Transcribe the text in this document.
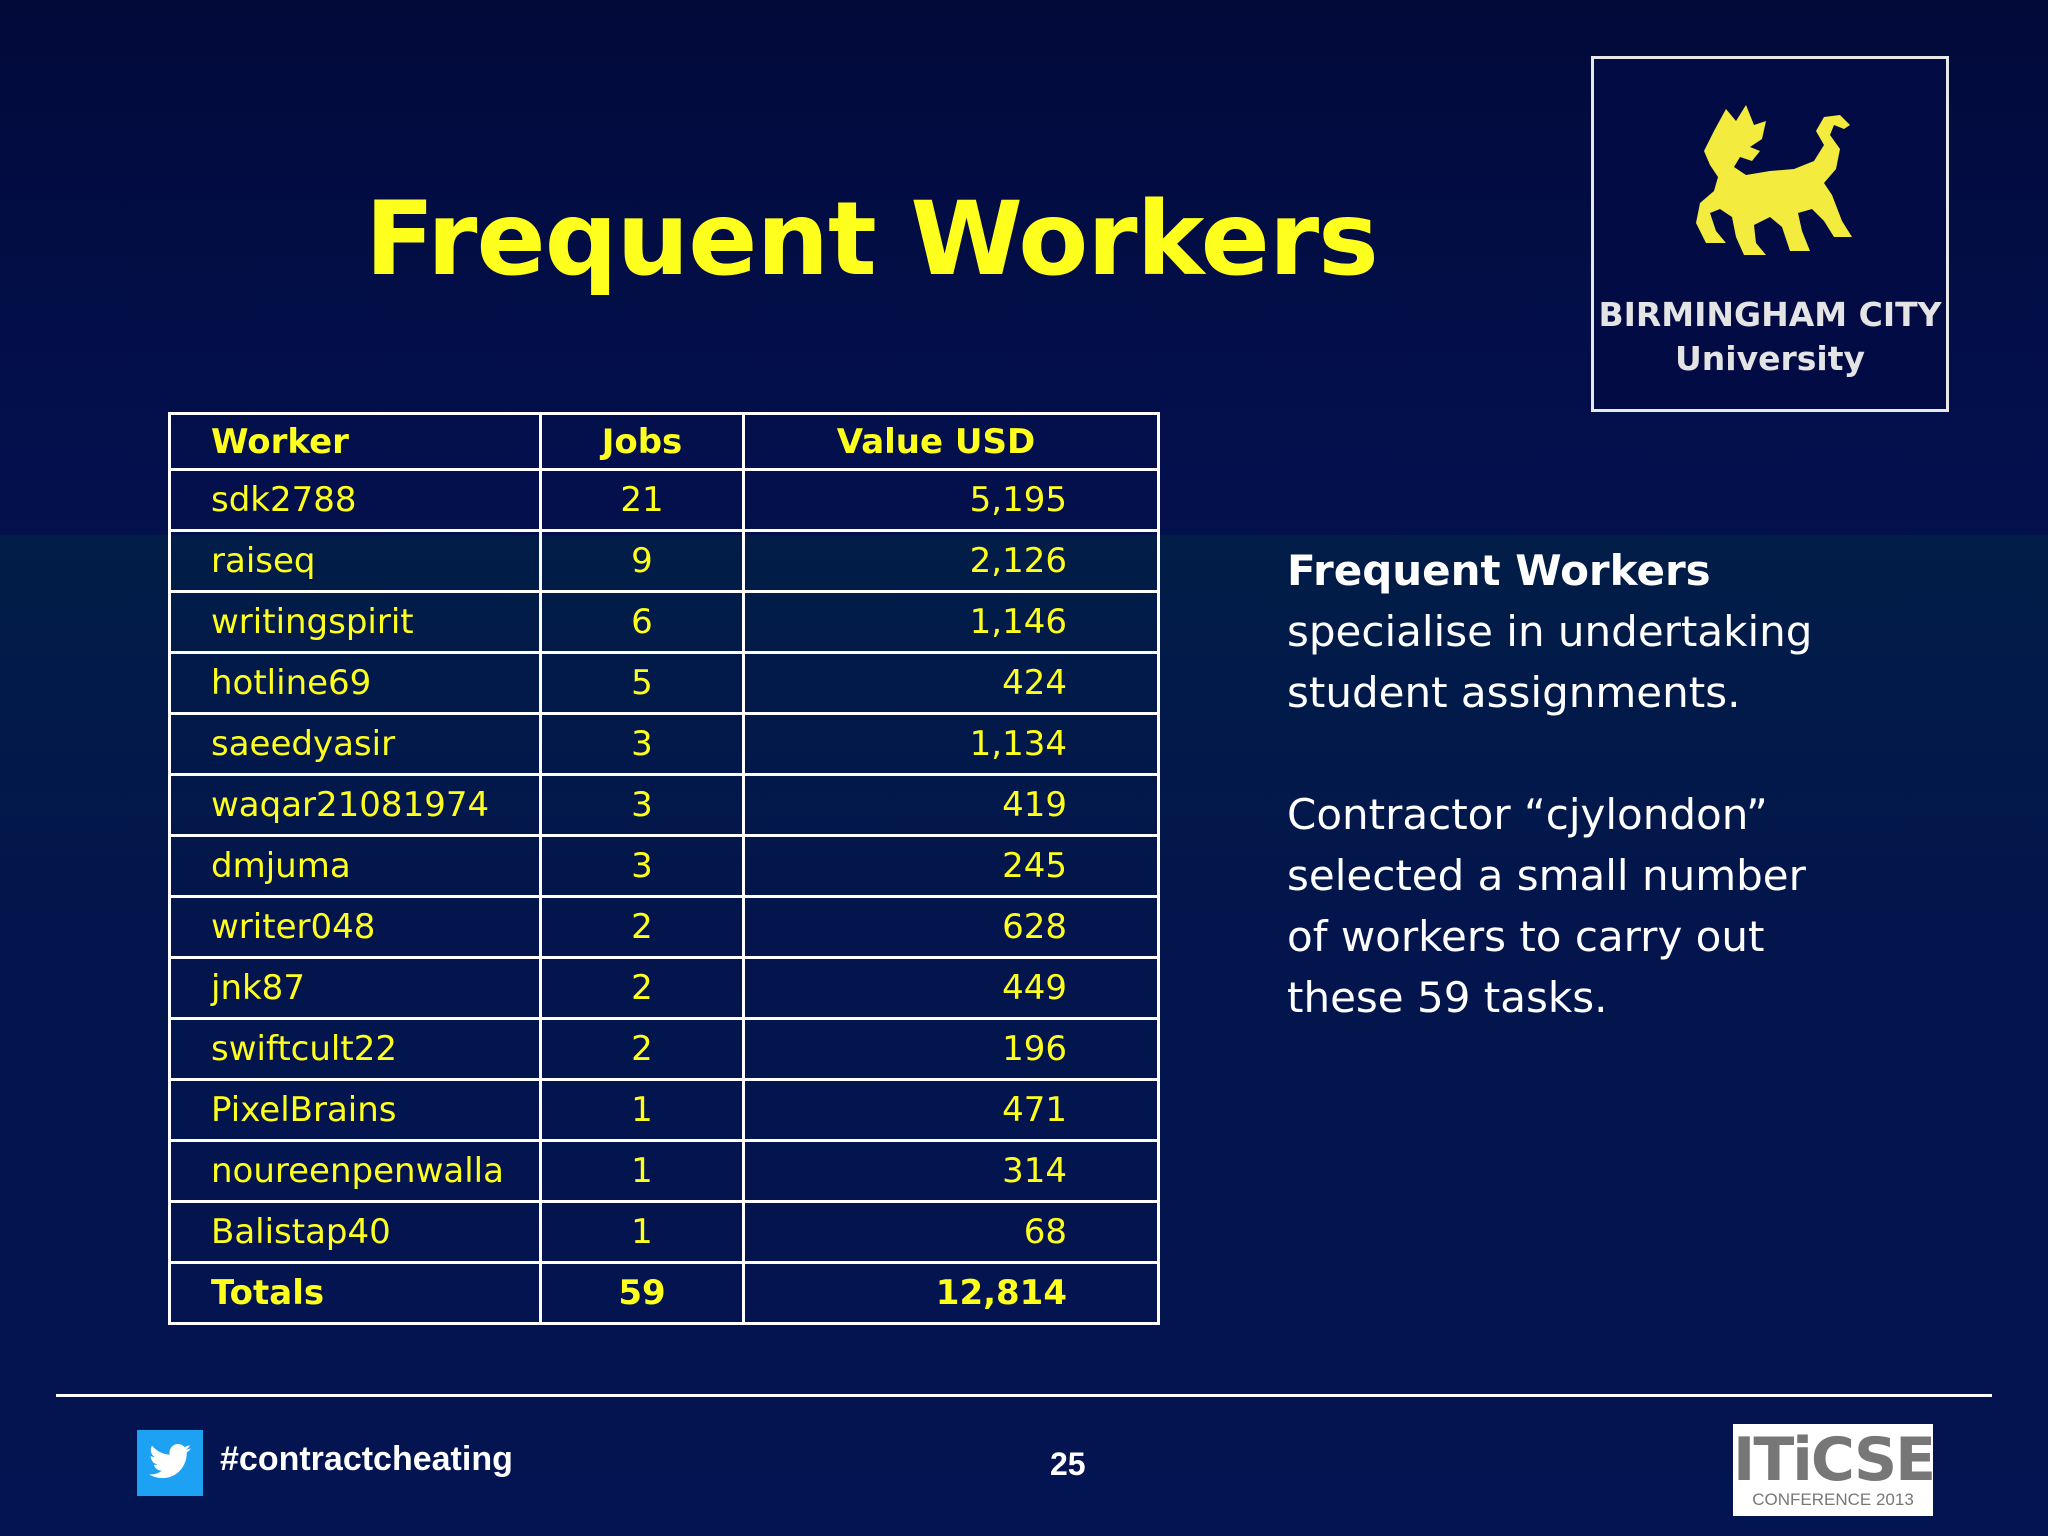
Frequent Workers
BIRMINGHAM CITY
University
Worker	Jobs	Value USD
sdk2788	21	5,195
raiseq	9	2,126
writingspirit	6	1,146
hotline69	5	424
saeedyasir	3	1,134
waqar21081974	3	419
dmjuma	3	245
writer048	2	628
jnk87	2	449
swiftcult22	2	196
PixelBrains	1	471
noureenpenwalla	1	314
Balistap40	1	68
Totals	59	12,814

Frequent Workers
specialise in undertaking student assignments.

Contractor “cjylondon” selected a small number of workers to carry out these 59 tasks.

#contractcheating	25	ITiCSE
CONFERENCE 2013
